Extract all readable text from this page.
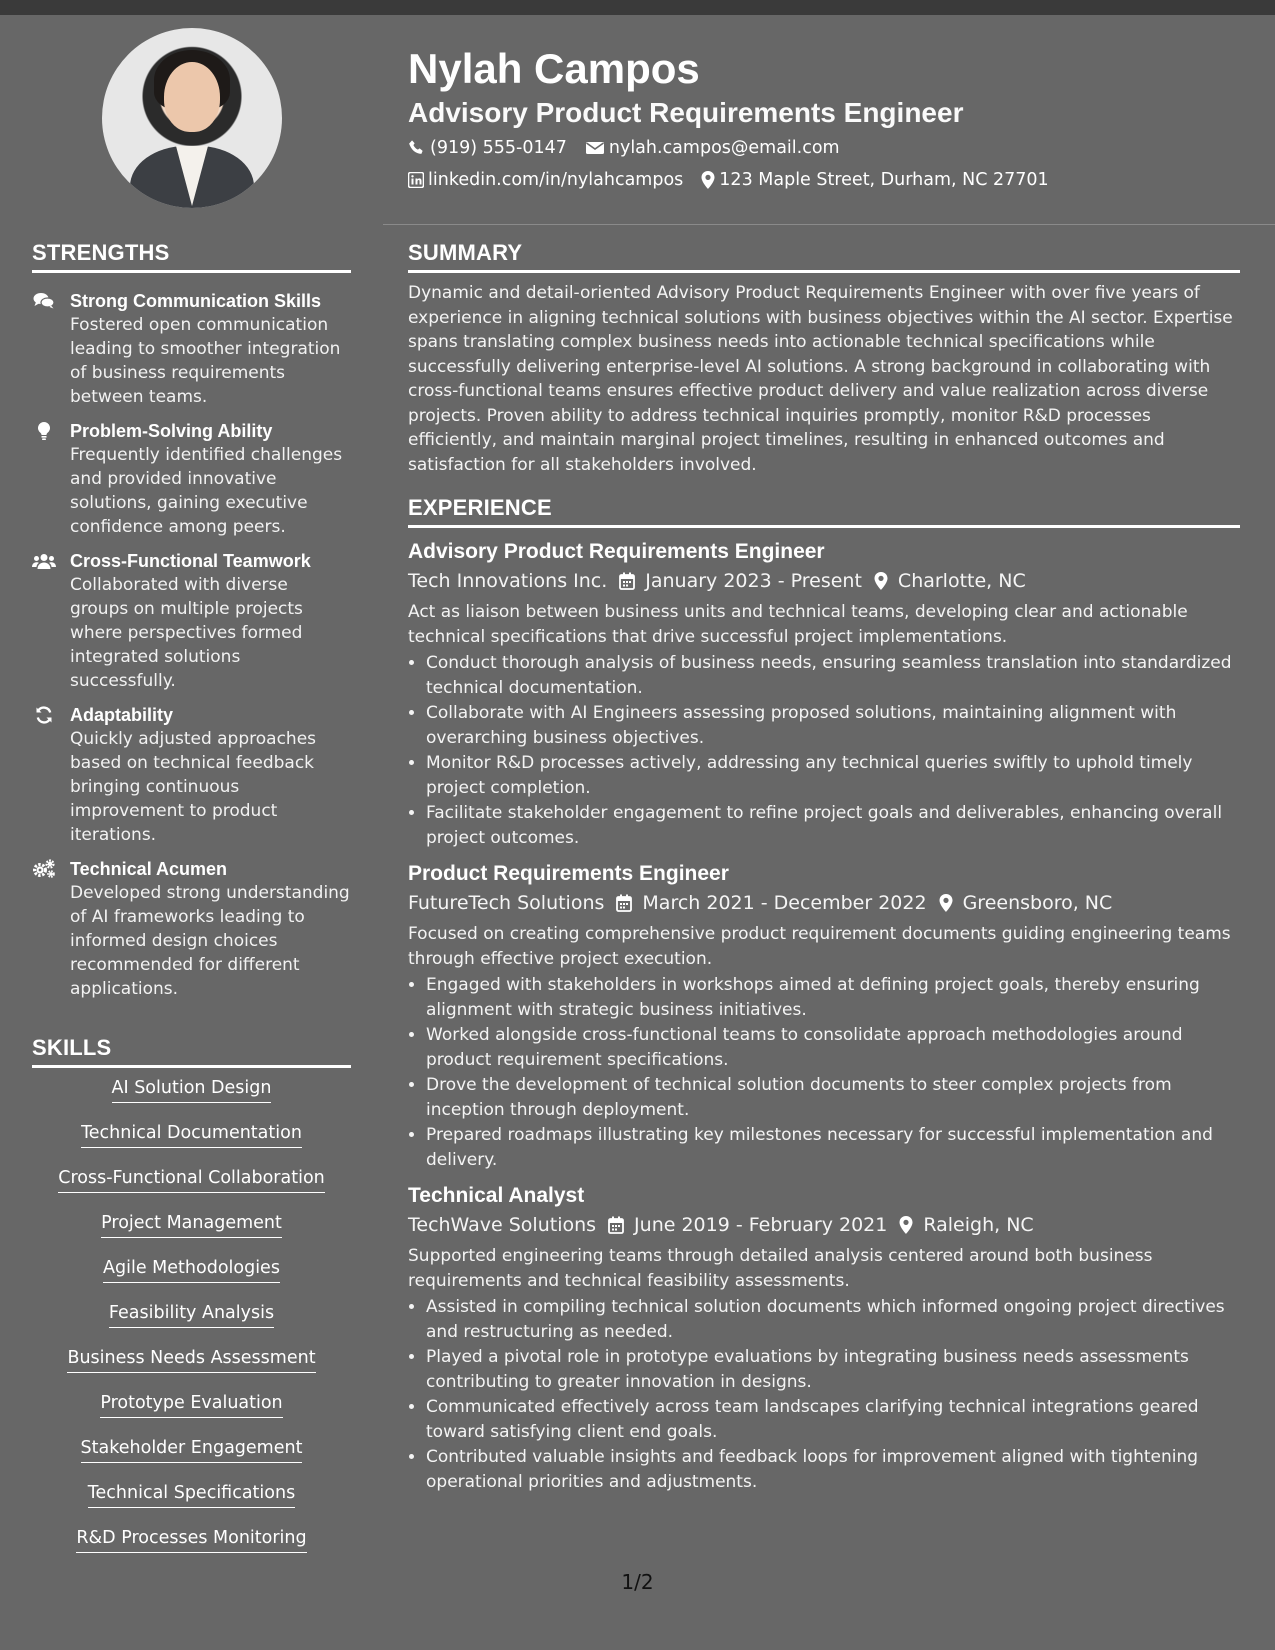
Nylah Campos
Advisory Product Requirements Engineer
(919) 555-0147 nylah.campos@email.com
linkedin.com/in/nylahcampos 123 Maple Street, Durham, NC 27701
STRENGTHS
Strong Communication Skills
Fostered open communication leading to smoother integration of business requirements between teams.
Problem-Solving Ability
Frequently identified challenges and provided innovative solutions, gaining executive confidence among peers.
Cross-Functional Teamwork
Collaborated with diverse groups on multiple projects where perspectives formed integrated solutions successfully.
Adaptability
Quickly adjusted approaches based on technical feedback bringing continuous improvement to product iterations.
Technical Acumen
Developed strong understanding of AI frameworks leading to informed design choices recommended for different applications.
SKILLS
AI Solution Design
Technical Documentation
Cross-Functional Collaboration
Project Management
Agile Methodologies
Feasibility Analysis
Business Needs Assessment
Prototype Evaluation
Stakeholder Engagement
Technical Specifications
R&D Processes Monitoring
SUMMARY

Dynamic and detail-oriented Advisory Product Requirements Engineer with over five years of experience in aligning technical solutions with business objectives within the AI sector. Expertise spans translating complex business needs into actionable technical specifications while successfully delivering enterprise-level AI solutions. A strong background in collaborating with cross-functional teams ensures effective product delivery and value realization across diverse projects. Proven ability to address technical inquiries promptly, monitor R&D processes efficiently, and maintain marginal project timelines, resulting in enhanced outcomes and satisfaction for all stakeholders involved.

EXPERIENCE
Advisory Product Requirements Engineer
Tech Innovations Inc. January 2023 - Present Charlotte, NC

Act as liaison between business units and technical teams, developing clear and actionable technical specifications that drive successful project implementations.

• Conduct thorough analysis of business needs, ensuring seamless translation into standardized technical documentation.
• Collaborate with AI Engineers assessing proposed solutions, maintaining alignment with overarching business objectives.
• Monitor R&D processes actively, addressing any technical queries swiftly to uphold timely project completion.
• Facilitate stakeholder engagement to refine project goals and deliverables, enhancing overall project outcomes.
Product Requirements Engineer
FutureTech Solutions March 2021 - December 2022 Greensboro, NC

Focused on creating comprehensive product requirement documents guiding engineering teams through effective project execution.

• Engaged with stakeholders in workshops aimed at defining project goals, thereby ensuring alignment with strategic business initiatives.
• Worked alongside cross-functional teams to consolidate approach methodologies around product requirement specifications.
• Drove the development of technical solution documents to steer complex projects from inception through deployment.
• Prepared roadmaps illustrating key milestones necessary for successful implementation and delivery.
Technical Analyst
TechWave Solutions June 2019 - February 2021 Raleigh, NC

Supported engineering teams through detailed analysis centered around both business requirements and technical feasibility assessments.

• Assisted in compiling technical solution documents which informed ongoing project directives and restructuring as needed.
• Played a pivotal role in prototype evaluations by integrating business needs assessments contributing to greater innovation in designs.
• Communicated effectively across team landscapes clarifying technical integrations geared toward satisfying client end goals.
• Contributed valuable insights and feedback loops for improvement aligned with tightening operational priorities and adjustments.
1/2
